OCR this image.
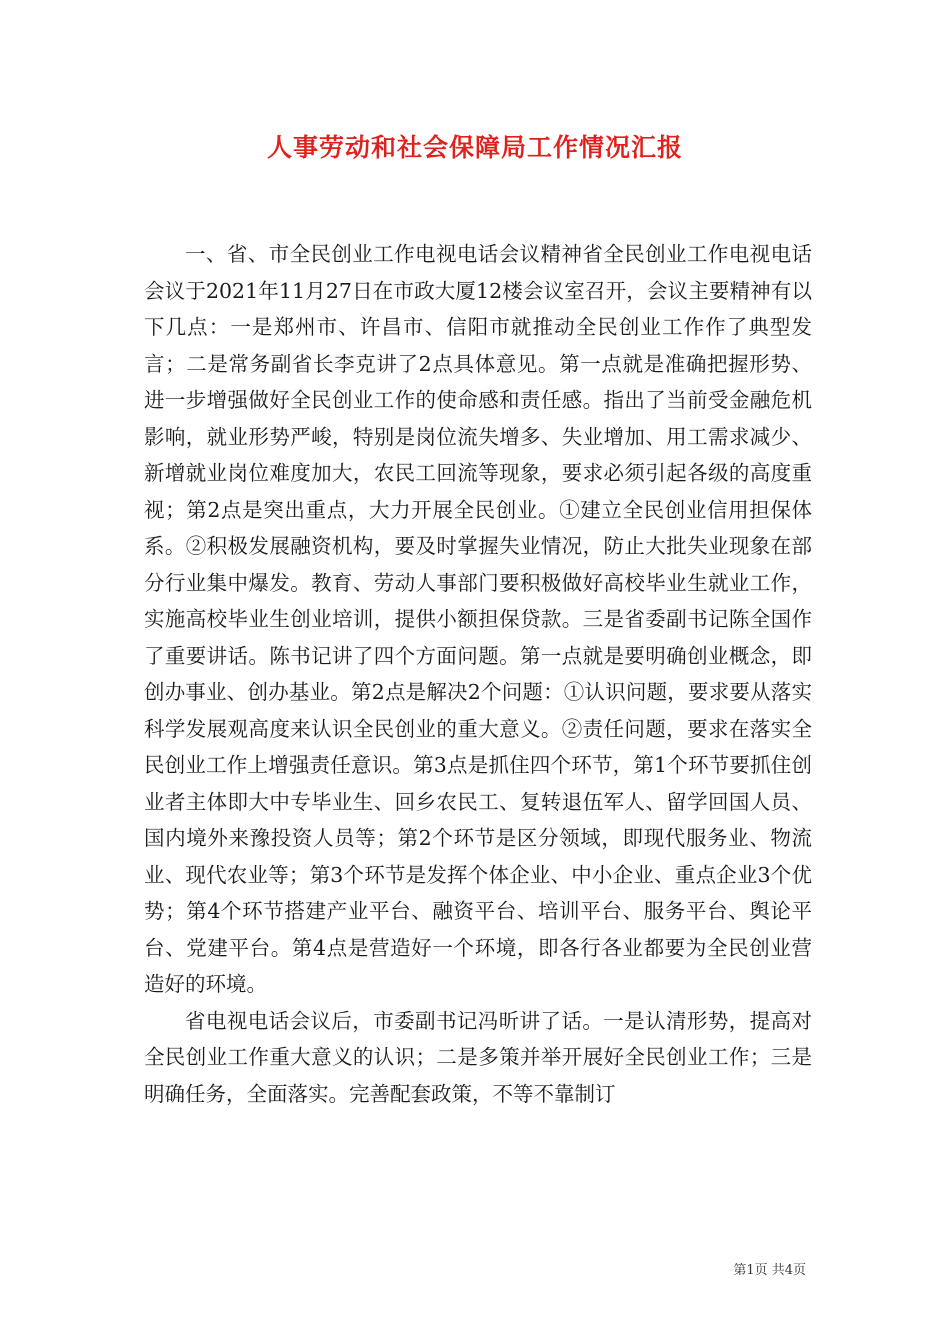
人事劳动和社会保障局工作情况汇报

一、省、市全民创业工作电视电话会议精神省全民创业工作电视电话会议于2021年11月27日在市政大厦12楼会议室召开，会议主要精神有以下几点：一是郑州市、许昌市、信阳市就推动全民创业工作作了典型发言；二是常务副省长李克讲了2点具体意见。第一点就是准确把握形势、进一步增强做好全民创业工作的使命感和责任感。指出了当前受金融危机影响，就业形势严峻，特别是岗位流失增多、失业增加、用工需求减少、新增就业岗位难度加大，农民工回流等现象，要求必须引起各级的高度重视；第2点是突出重点，大力开展全民创业。①建立全民创业信用担保体系。②积极发展融资机构，要及时掌握失业情况，防止大批失业现象在部分行业集中爆发。教育、劳动人事部门要积极做好高校毕业生就业工作，实施高校毕业生创业培训，提供小额担保贷款。三是省委副书记陈全国作了重要讲话。陈书记讲了四个方面问题。第一点就是要明确创业概念，即创办事业、创办基业。第2点是解决2个问题：①认识问题，要求要从落实科学发展观高度来认识全民创业的重大意义。②责任问题，要求在落实全民创业工作上增强责任意识。第3点是抓住四个环节，第1个环节要抓住创业者主体即大中专毕业生、回乡农民工、复转退伍军人、留学回国人员、国内境外来豫投资人员等；第2个环节是区分领域，即现代服务业、物流业、现代农业等；第3个环节是发挥个体企业、中小企业、重点企业3个优势；第4个环节搭建产业平台、融资平台、培训平台、服务平台、舆论平台、党建平台。第4点是营造好一个环境，即各行各业都要为全民创业营造好的环境。

省电视电话会议后，市委副书记冯昕讲了话。一是认清形势，提高对全民创业工作重大意义的认识；二是多策并举开展好全民创业工作；三是明确任务，全面落实。完善配套政策，不等不靠制订

第1页 共4页
